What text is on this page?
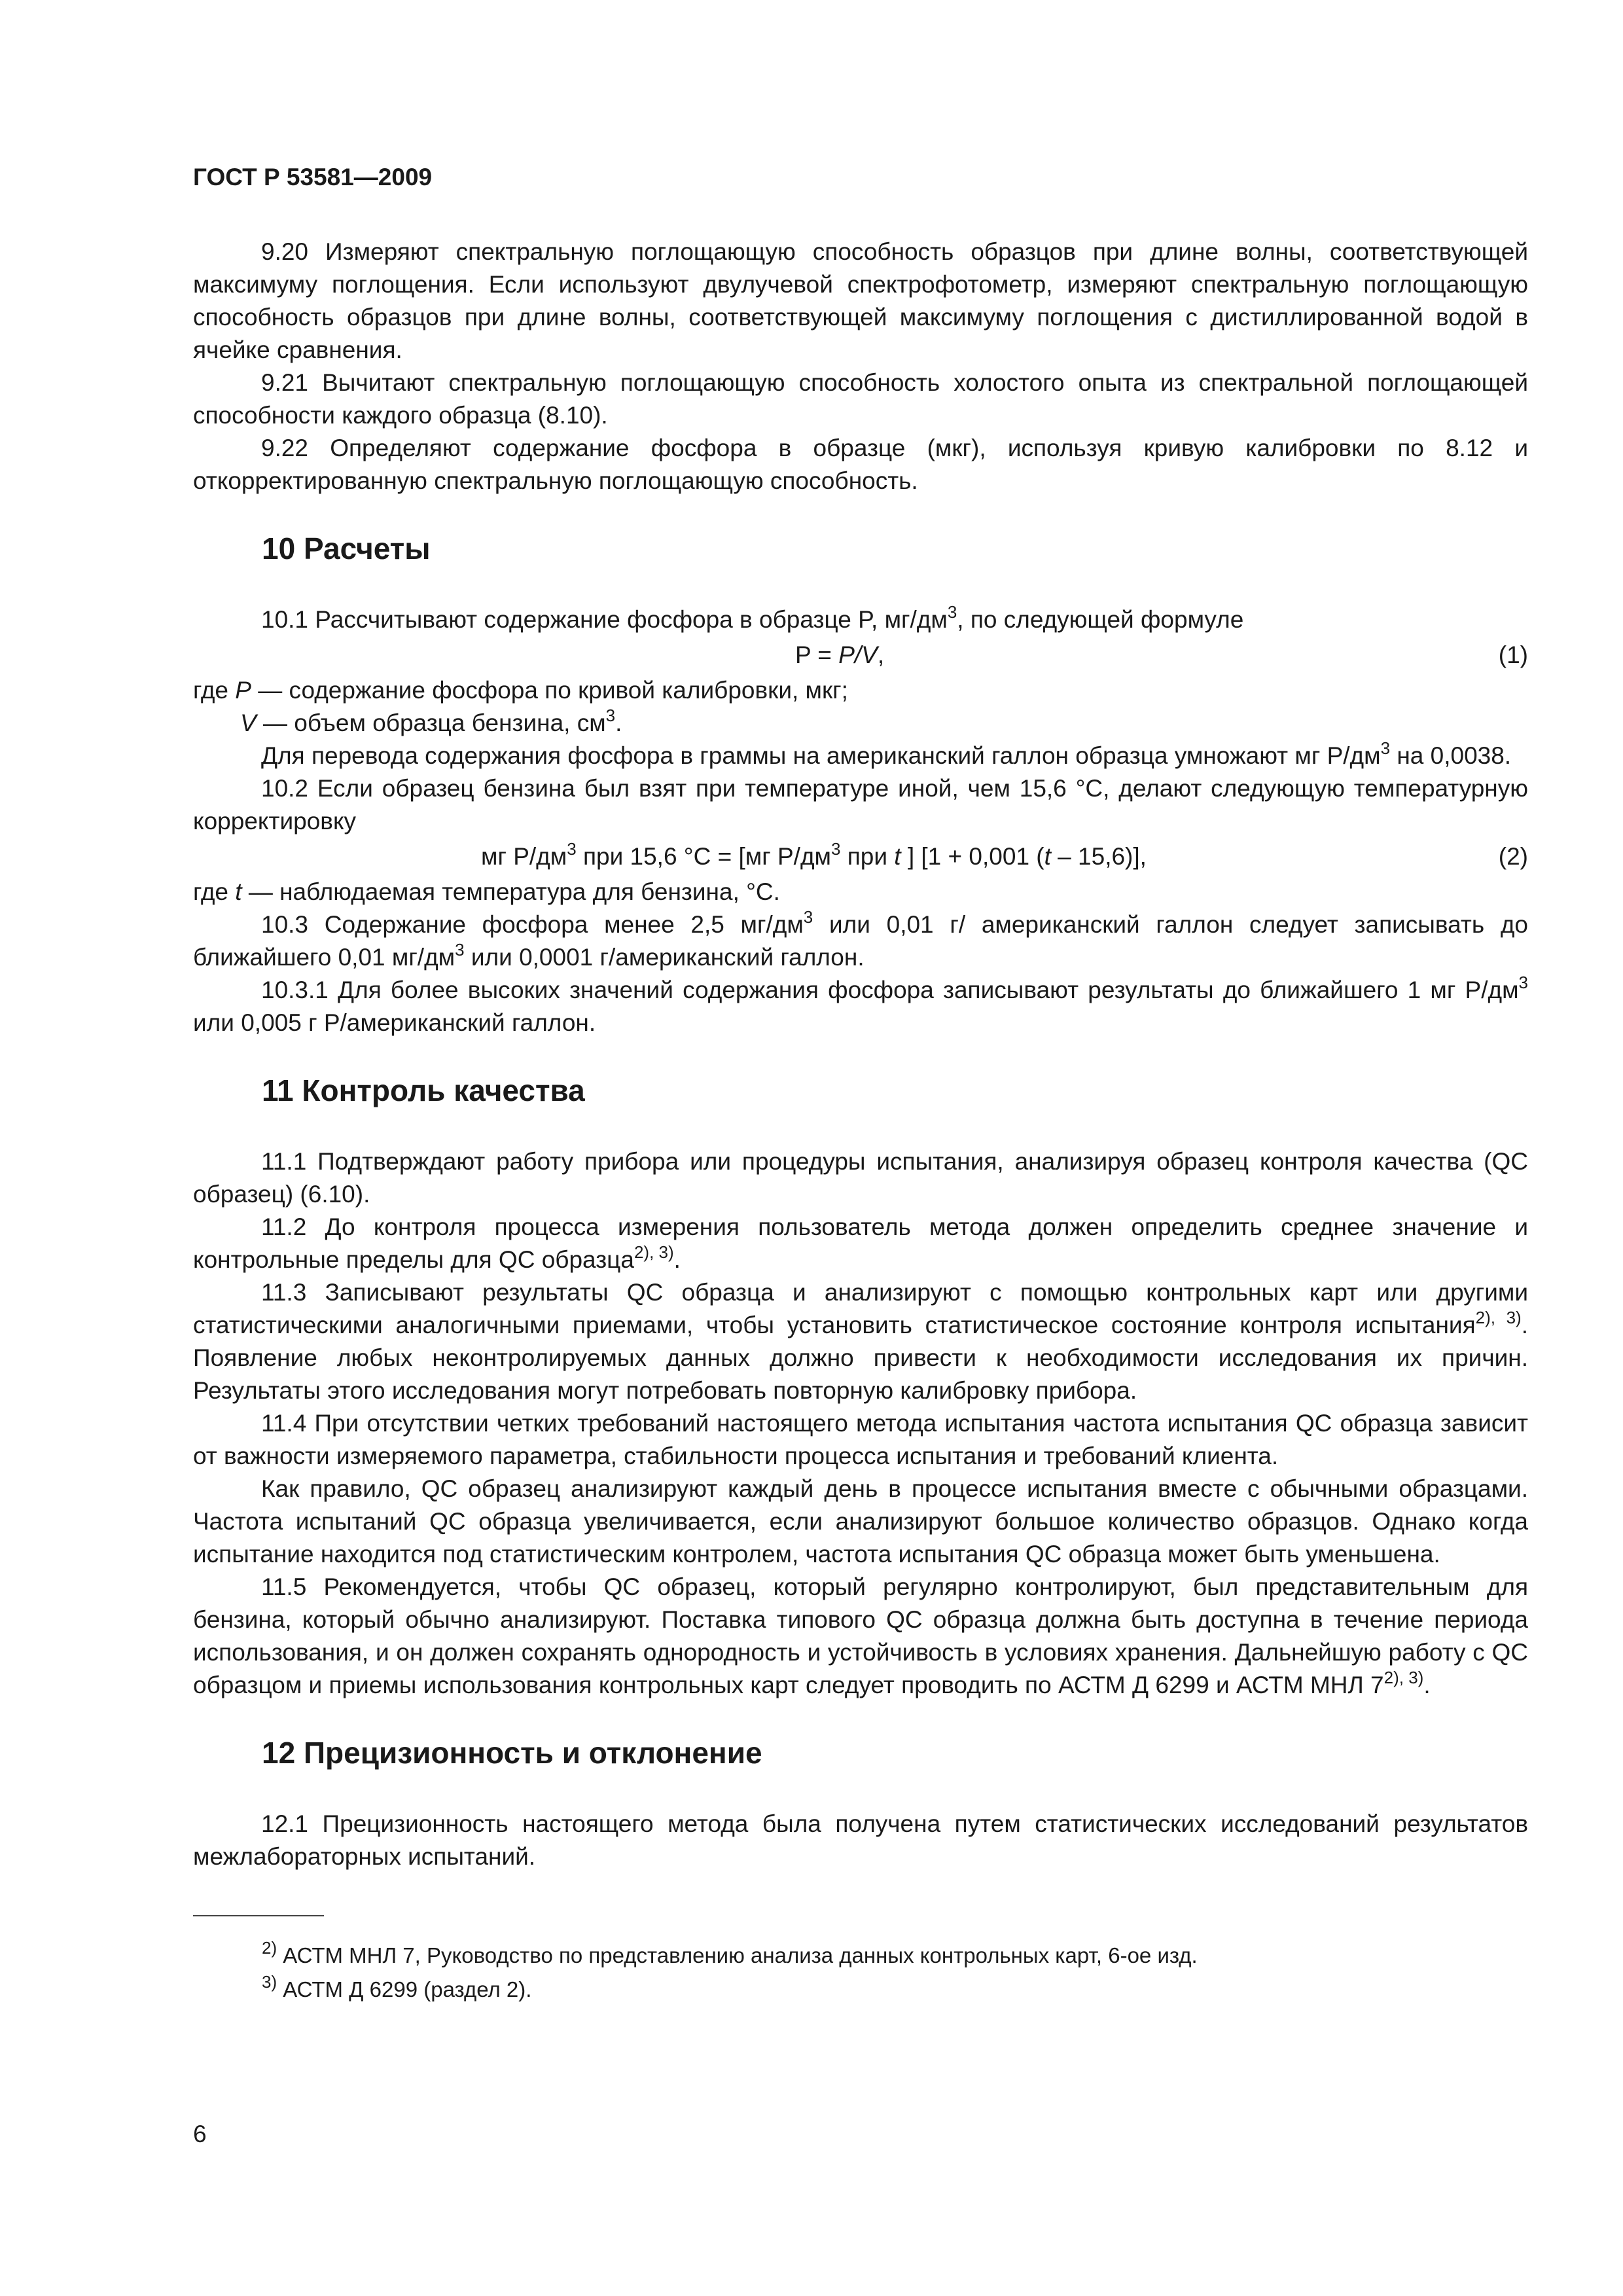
ГОСТ Р 53581—2009

9.20 Измеряют спектральную поглощающую способность образцов при длине волны, соответствующей максимуму поглощения. Если используют двулучевой спектрофотометр, измеряют спектральную поглощающую способность образцов при длине волны, соответствующей максимуму поглощения с дистиллированной водой в ячейке сравнения.

9.21 Вычитают спектральную поглощающую способность холостого опыта из спектральной поглощающей способности каждого образца (8.10).

9.22 Определяют содержание фосфора в образце (мкг), используя кривую калибровки по 8.12 и откорректированную спектральную поглощающую способность.

10 Расчеты

10.1 Рассчитывают содержание фосфора в образце P, $мг/дм^3$, по следующей формуле

P = P/V,	(1)

где P — содержание фосфора по кривой калибровки, мкг;

V — объем образца бензина, $см^3$.

Для перевода содержания фосфора в граммы на американский галлон образца умножают мг $P/дм^3$ на 0,0038.

10.2 Если образец бензина был взят при температуре иной, чем 15,6 °С, делают следующую температурную корректировку

мг $P/дм^3$ при 15,6 °С = [мг $P/дм^3$ при t ] [1 + 0,001 (t – 15,6)],	(2)

где t — наблюдаемая температура для бензина, °С.

10.3 Содержание фосфора менее 2,5 $мг/дм^3$ или 0,01 г/ американский галлон следует записывать до ближайшего 0,01 $мг/дм^3$ или 0,0001 г/американский галлон.

10.3.1 Для более высоких значений содержания фосфора записывают результаты до ближайшего 1 мг $P/дм^3$ или 0,005 г P/американский галлон.

11 Контроль качества

11.1 Подтверждают работу прибора или процедуры испытания, анализируя образец контроля качества (QC образец) (6.10).

11.2 До контроля процесса измерения пользователь метода должен определить среднее значение и контрольные пределы для QC образца$^{2), 3)}$.

11.3 Записывают результаты QC образца и анализируют с помощью контрольных карт или другими статистическими аналогичными приемами, чтобы установить статистическое состояние контроля испытания$^{2), 3)}$. Появление любых неконтролируемых данных должно привести к необходимости исследования их причин. Результаты этого исследования могут потребовать повторную калибровку прибора.

11.4 При отсутствии четких требований настоящего метода испытания частота испытания QC образца зависит от важности измеряемого параметра, стабильности процесса испытания и требований клиента.

Как правило, QC образец анализируют каждый день в процессе испытания вместе с обычными образцами. Частота испытаний QC образца увеличивается, если анализируют большое количество образцов. Однако когда испытание находится под статистическим контролем, частота испытания QC образца может быть уменьшена.

11.5 Рекомендуется, чтобы QC образец, который регулярно контролируют, был представительным для бензина, который обычно анализируют. Поставка типового QC образца должна быть доступна в течение периода использования, и он должен сохранять однородность и устойчивость в условиях хранения. Дальнейшую работу с QC образцом и приемы использования контрольных карт следует проводить по АСТМ Д 6299 и АСТМ МНЛ $7^{2), 3)}$.

12 Прецизионность и отклонение

12.1 Прецизионность настоящего метода была получена путем статистических исследований результатов межлабораторных испытаний.

$^{2)}$ АСТМ МНЛ 7, Руководство по представлению анализа данных контрольных карт, 6-ое изд.
$^{3)}$ АСТМ Д 6299 (раздел 2).
6
